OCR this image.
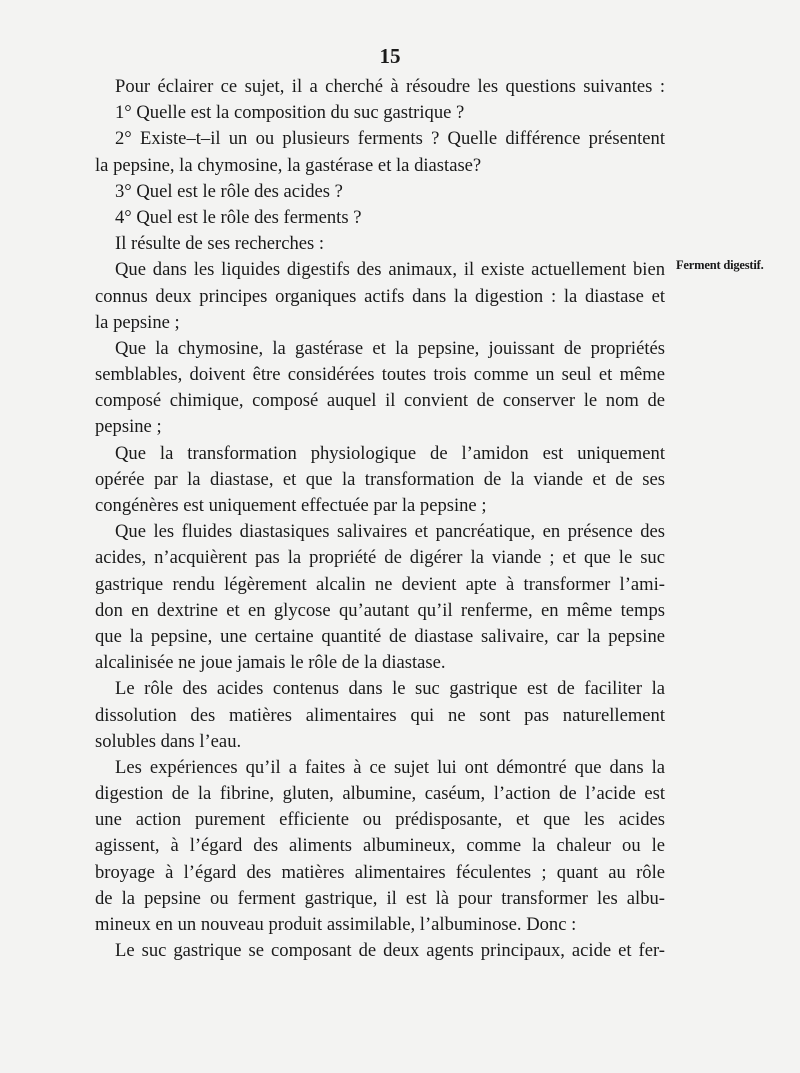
15
Pour éclairer ce sujet, il a cherché à résoudre les questions suivantes :
1° Quelle est la composition du suc gastrique ?
2° Existe–t–il un ou plusieurs ferments ? Quelle différence présentent
la pepsine, la chymosine, la gastérase et la diastase?
3° Quel est le rôle des acides ?
4° Quel est le rôle des ferments ?
Il résulte de ses recherches :
Que dans les liquides digestifs des animaux, il existe actuellement bien
connus deux principes organiques actifs dans la digestion : la diastase et
la pepsine ;
Que la chymosine, la gastérase et la pepsine, jouissant de propriétés
semblables, doivent être considérées toutes trois comme un seul et même
composé chimique, composé auquel il convient de conserver le nom de
pepsine ;
Que la transformation physiologique de l’amidon est uniquement
opérée par la diastase, et que la transformation de la viande et de ses
congénères est uniquement effectuée par la pepsine ;
Que les fluides diastasiques salivaires et pancréatique, en présence des
acides, n’acquièrent pas la propriété de digérer la viande ; et que le suc
gastrique rendu légèrement alcalin ne devient apte à transformer l’ami-
don en dextrine et en glycose qu’autant qu’il renferme, en même temps
que la pepsine, une certaine quantité de diastase salivaire, car la pepsine
alcalinisée ne joue jamais le rôle de la diastase.
Le rôle des acides contenus dans le suc gastrique est de faciliter la
dissolution des matières alimentaires qui ne sont pas naturellement
solubles dans l’eau.
Les expériences qu’il a faites à ce sujet lui ont démontré que dans la
digestion de la fibrine, gluten, albumine, caséum, l’action de l’acide est
une action purement efficiente ou prédisposante, et que les acides
agissent, à l’égard des aliments albumineux, comme la chaleur ou le
broyage à l’égard des matières alimentaires féculentes ; quant au rôle
de la pepsine ou ferment gastrique, il est là pour transformer les albu-
mineux en un nouveau produit assimilable, l’albuminose. Donc :
Le suc gastrique se composant de deux agents principaux, acide et fer-
Ferment digestif.
